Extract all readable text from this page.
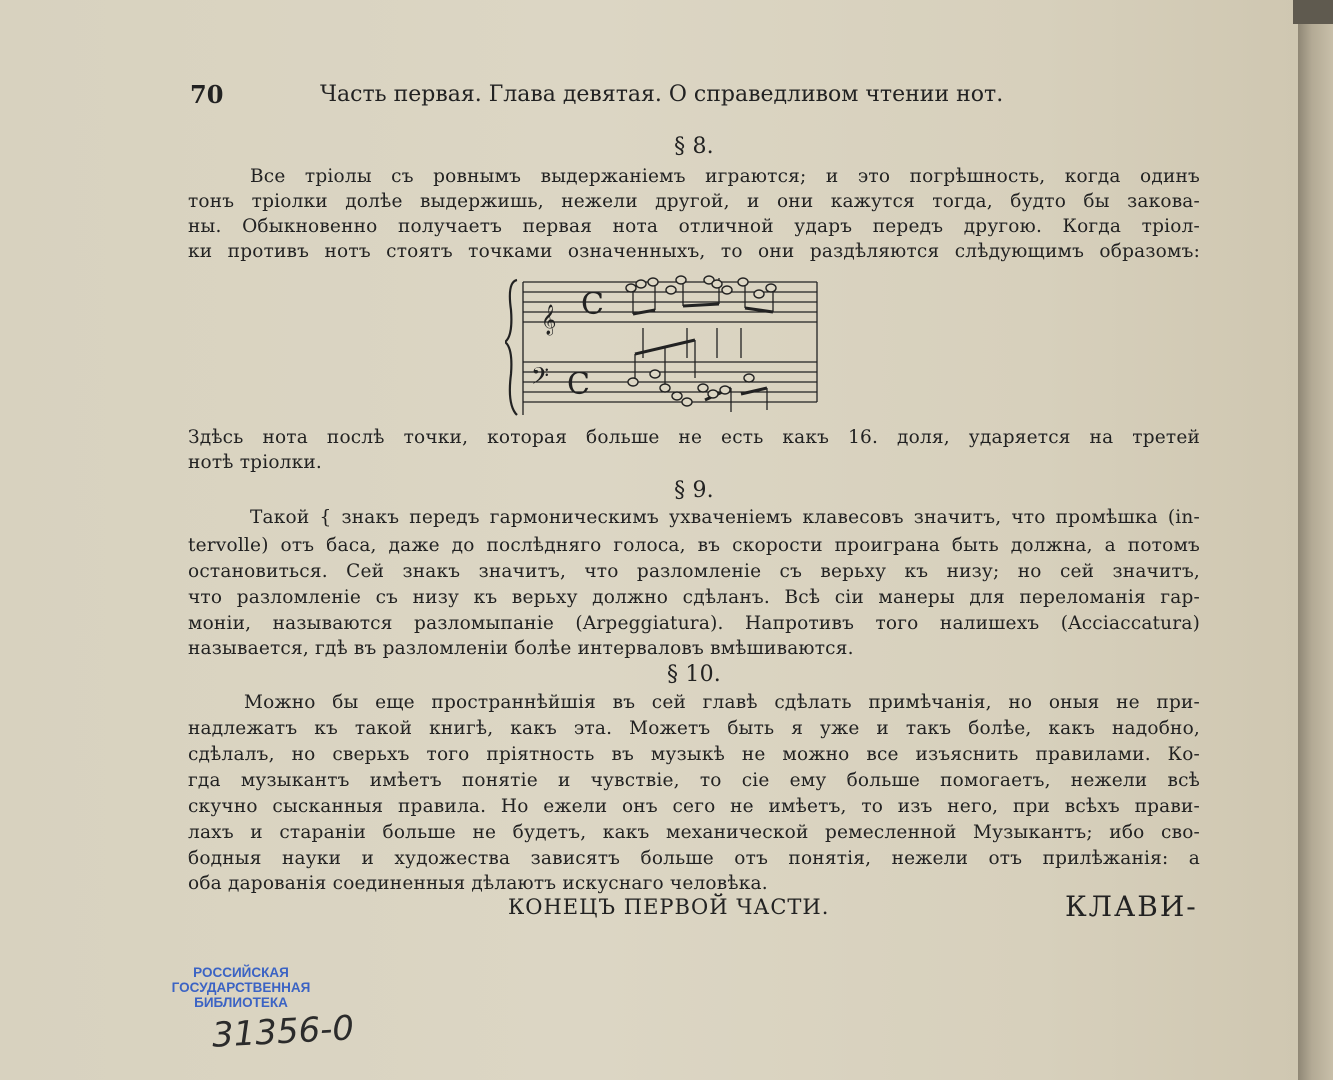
70	Часть первая. Глава девятая. О справедливом чтении нот.
§ 8.
Все тріолы съ ровнымъ выдержаніемъ играются; и это погрѣшность, когда одинъ
тонъ тріолки долѣе выдержишь, нежели другой, и они кажутся тогда, будто бы закова-
ны. Обыкновенно получаетъ первая нота отличной ударъ передъ другою. Когда тріол-
ки противъ нотъ стоятъ точками означенныхъ, то они раздѣляются слѣдующимъ образомъ:
𝄞 C
𝄢 C
Здѣсь нота послѣ точки, которая больше не есть какъ 16. доля, ударяется на третей
нотѣ тріолки.
§ 9.
Такой { знакъ передъ гармоническимъ ухваченіемъ клавесовъ значитъ, что промѣшка (in-
tervolle) отъ баса, даже до послѣдняго голоса, въ скорости проиграна быть должна, а потомъ
остановиться. Сей знакъ значитъ, что разломленіе съ верьху къ низу; но сей значитъ,
что разломленіе съ низу къ верьху должно сдѣланъ. Всѣ сіи манеры для переломанія гар-
моніи, называются разломыпаніе (Arpeggiatura). Напротивъ того налишехъ (Acciaccatura)
называется, гдѣ въ разломленіи болѣе интерваловъ вмѣшиваются.
§ 10.
Можно бы еще пространнѣйшія въ сей главѣ сдѣлать примѣчанія, но оныя не при-
надлежатъ къ такой книгѣ, какъ эта. Можетъ быть я уже и такъ болѣе, какъ надобно,
сдѣлалъ, но сверьхъ того пріятность въ музыкѣ не можно все изъяснить правилами. Ко-
гда музыкантъ имѣетъ понятіе и чувствіе, то сіе ему больше помогаетъ, нежели всѣ
скучно сысканныя правила. Но ежели онъ сего не имѣетъ, то изъ него, при всѣхъ прави-
лахъ и стараніи больше не будетъ, какъ механической ремесленной Музыкантъ; ибо сво-
бодныя науки и художества зависятъ больше отъ понятія, нежели отъ прилѣжанія: а
оба дарованія соединенныя дѣлаютъ искуснаго человѣка.
КОНЕЦЪ ПЕРВОЙ ЧАСТИ.	КЛАВИ-
РОССИЙСКАЯ
ГОСУДАРСТВЕННАЯ
БИБЛИОТЕКА
31356-0
